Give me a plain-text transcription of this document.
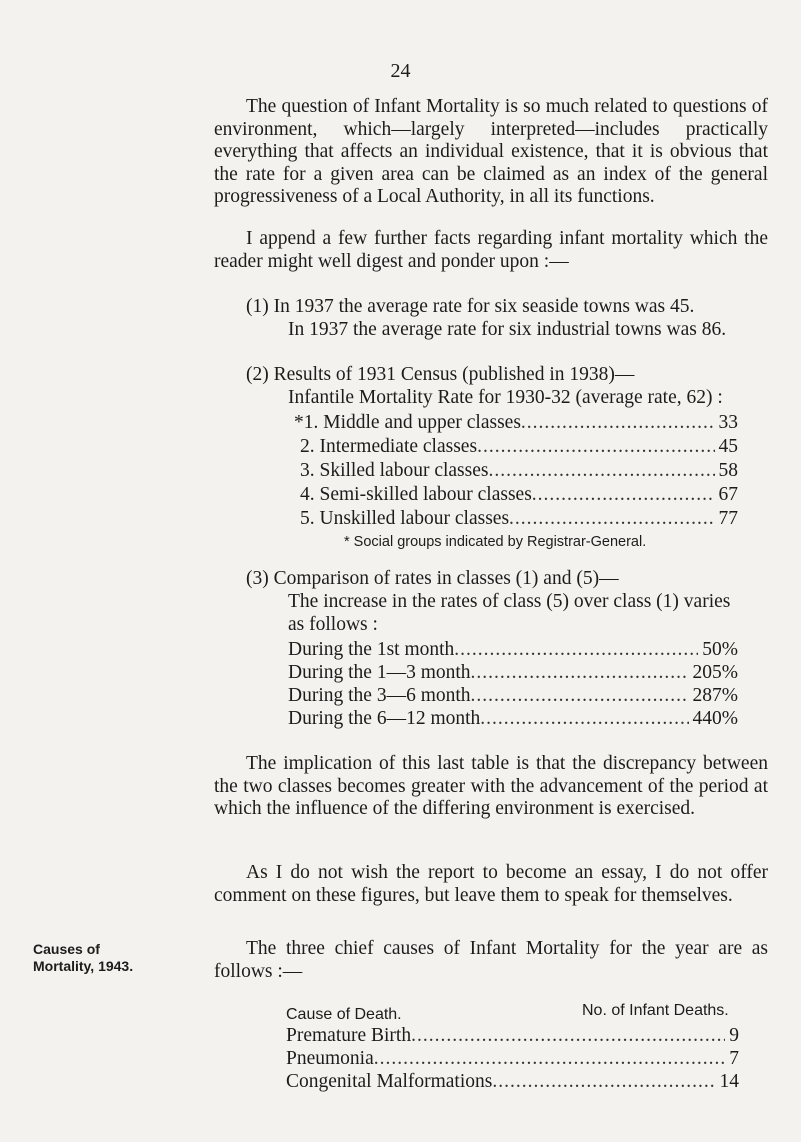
24

The question of Infant Mortality is so much related to questions of environment, which—largely interpreted—includes practically everything that affects an individual existence, that it is obvious that the rate for a given area can be claimed as an index of the general progressiveness of a Local Authority, in all its functions.

I append a few further facts regarding infant mortality which the reader might well digest and ponder upon :—

(1) In 1937 the average rate for six seaside towns was 45.
In 1937 the average rate for six industrial towns was 86.
(2) Results of 1931 Census (published in 1938)—
Infantile Mortality Rate for 1930-32 (average rate, 62) :
*1. Middle and upper classes .....	33
2. Intermediate classes .....	45
3. Skilled labour classes .....	58
4. Semi-skilled labour classes .....	67
5. Unskilled labour classes .....	77
* Social groups indicated by Registrar-General.
(3) Comparison of rates in classes (1) and (5)—
The increase in the rates of class (5) over class (1) varies
as follows :
During the 1st month .....	50%
During the 1—3 month .....	205%
During the 3—6 month .....	287%
During the 6—12 month .....	440%

The implication of this last table is that the discrepancy between the two classes becomes greater with the advancement of the period at which the influence of the differing environment is exercised.

As I do not wish the report to become an essay, I do not offer comment on these figures, but leave them to speak for themselves.

Causes of
Mortality, 1943.

The three chief causes of Infant Mortality for the year are as follows :—

Cause of Death.	No. of Infant Deaths.
Premature Birth .....	9
Pneumonia .....	7
Congenital Malformations .....	14
